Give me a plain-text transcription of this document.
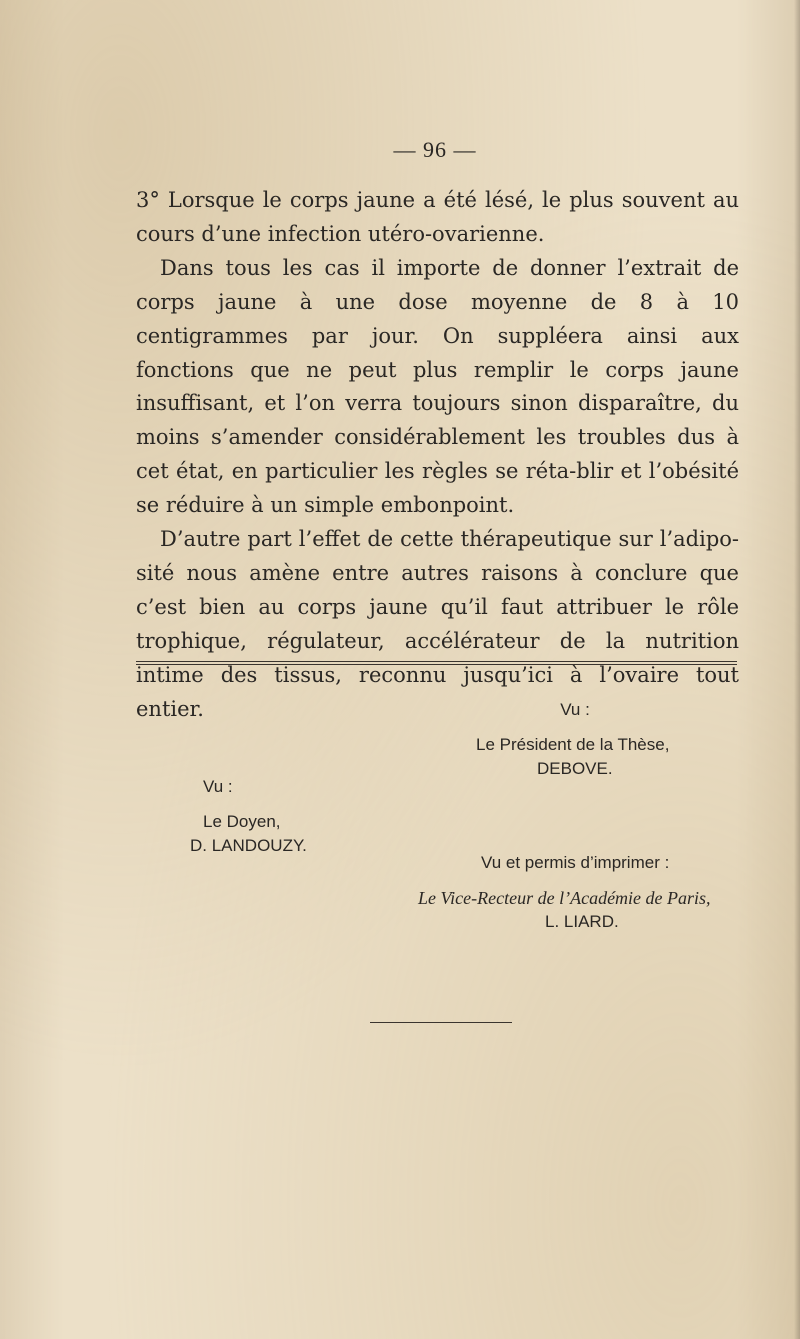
— 96 —

3° Lorsque le corps jaune a été lésé, le plus souvent au cours d’une infection utéro-ovarienne.

Dans tous les cas il importe de donner l’extrait de corps jaune à une dose moyenne de 8 à 10 centigrammes par jour. On suppléera ainsi aux fonctions que ne peut plus remplir le corps jaune insuffisant, et l’on verra toujours sinon disparaître, du moins s’amender considérablement les troubles dus à cet état, en particulier les règles se réta-blir et l’obésité se réduire à un simple embonpoint.

D’autre part l’effet de cette thérapeutique sur l’adipo-sité nous amène entre autres raisons à conclure que c’est bien au corps jaune qu’il faut attribuer le rôle trophique, régulateur, accélérateur de la nutrition intime des tissus, reconnu jusqu’ici à l’ovaire tout entier.	Vu :
Le Président de la Thèse,
DEBOVE.
Vu :
Le Doyen,
D. LANDOUZY.
Vu et permis d’imprimer :
Le Vice-Recteur de l’Académie de Paris,
L. LIARD.
